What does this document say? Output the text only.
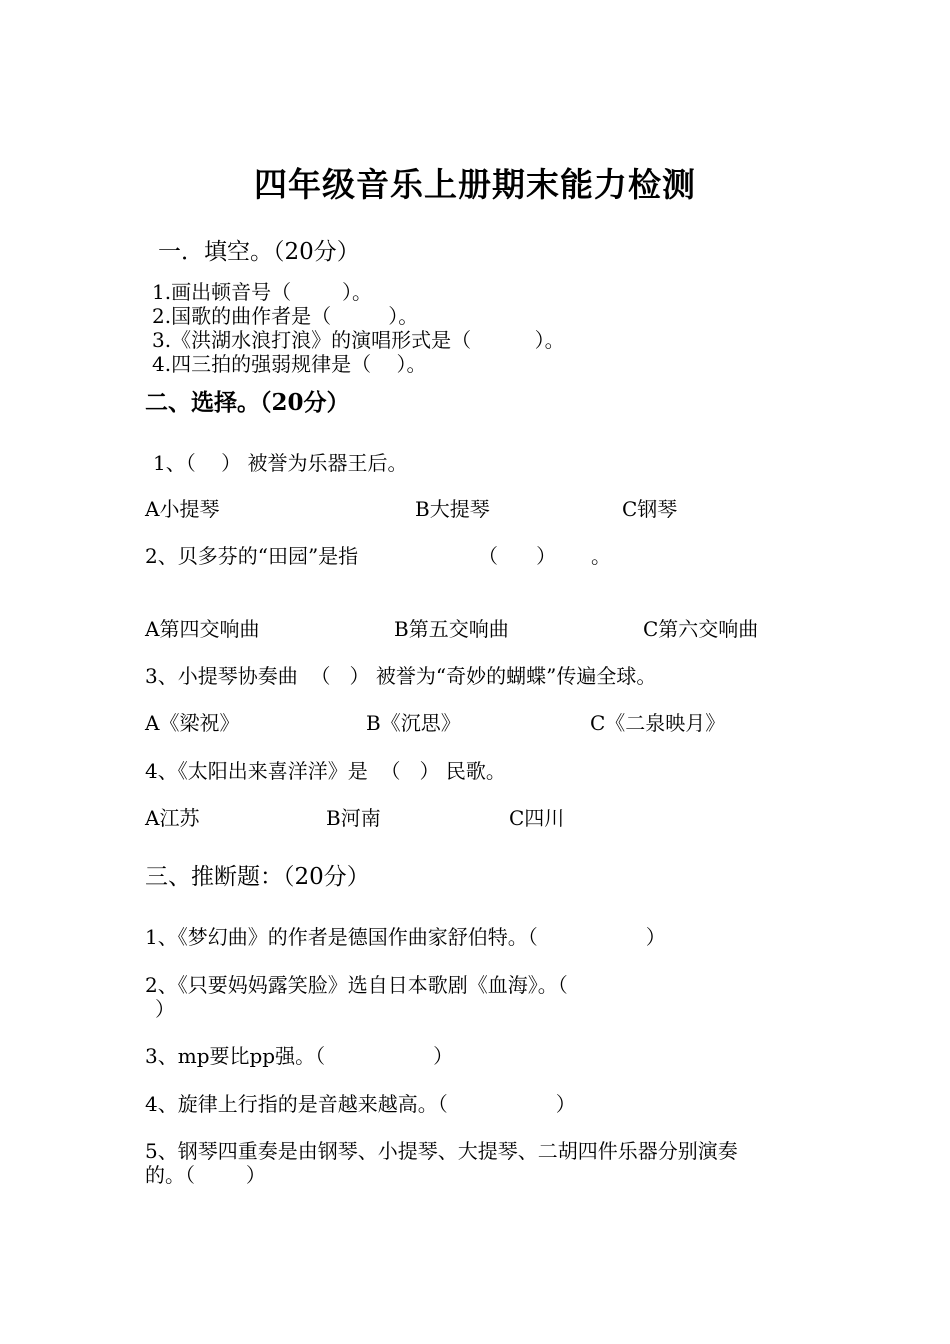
四年级音乐上册期末能力检测
一．填空。（20分）
1.画出顿音号（        ）。
2.国歌的曲作者是（         ）。
3.《洪湖水浪打浪》的演唱形式是（          ）。
4.四三拍的强弱规律是（    ）。
二、选择。（20分）
1、（    ） 被誉为乐器王后。
A小提琴	B大提琴	C钢琴
2、贝多芬的“田园”是指	（      ） 。
A第四交响曲	B第五交响曲	C第六交响曲
3、小提琴协奏曲  （   ） 被誉为“奇妙的蝴蝶”传遍全球。
A《梁祝》	B《沉思》	C《二泉映月》
4、《太阳出来喜洋洋》是  （   ） 民歌。
A江苏	B河南	C四川
三、推断题：（20分）
1、《梦幻曲》的作者是德国作曲家舒伯特。（                 ）
2、《只要妈妈露笑脸》选自日本歌剧《血海》。（
）
3、mp要比pp强。（                 ）
4、旋律上行指的是音越来越高。（                 ）
5、钢琴四重奏是由钢琴、小提琴、大提琴、二胡四件乐器分别演奏
的。（        ）
